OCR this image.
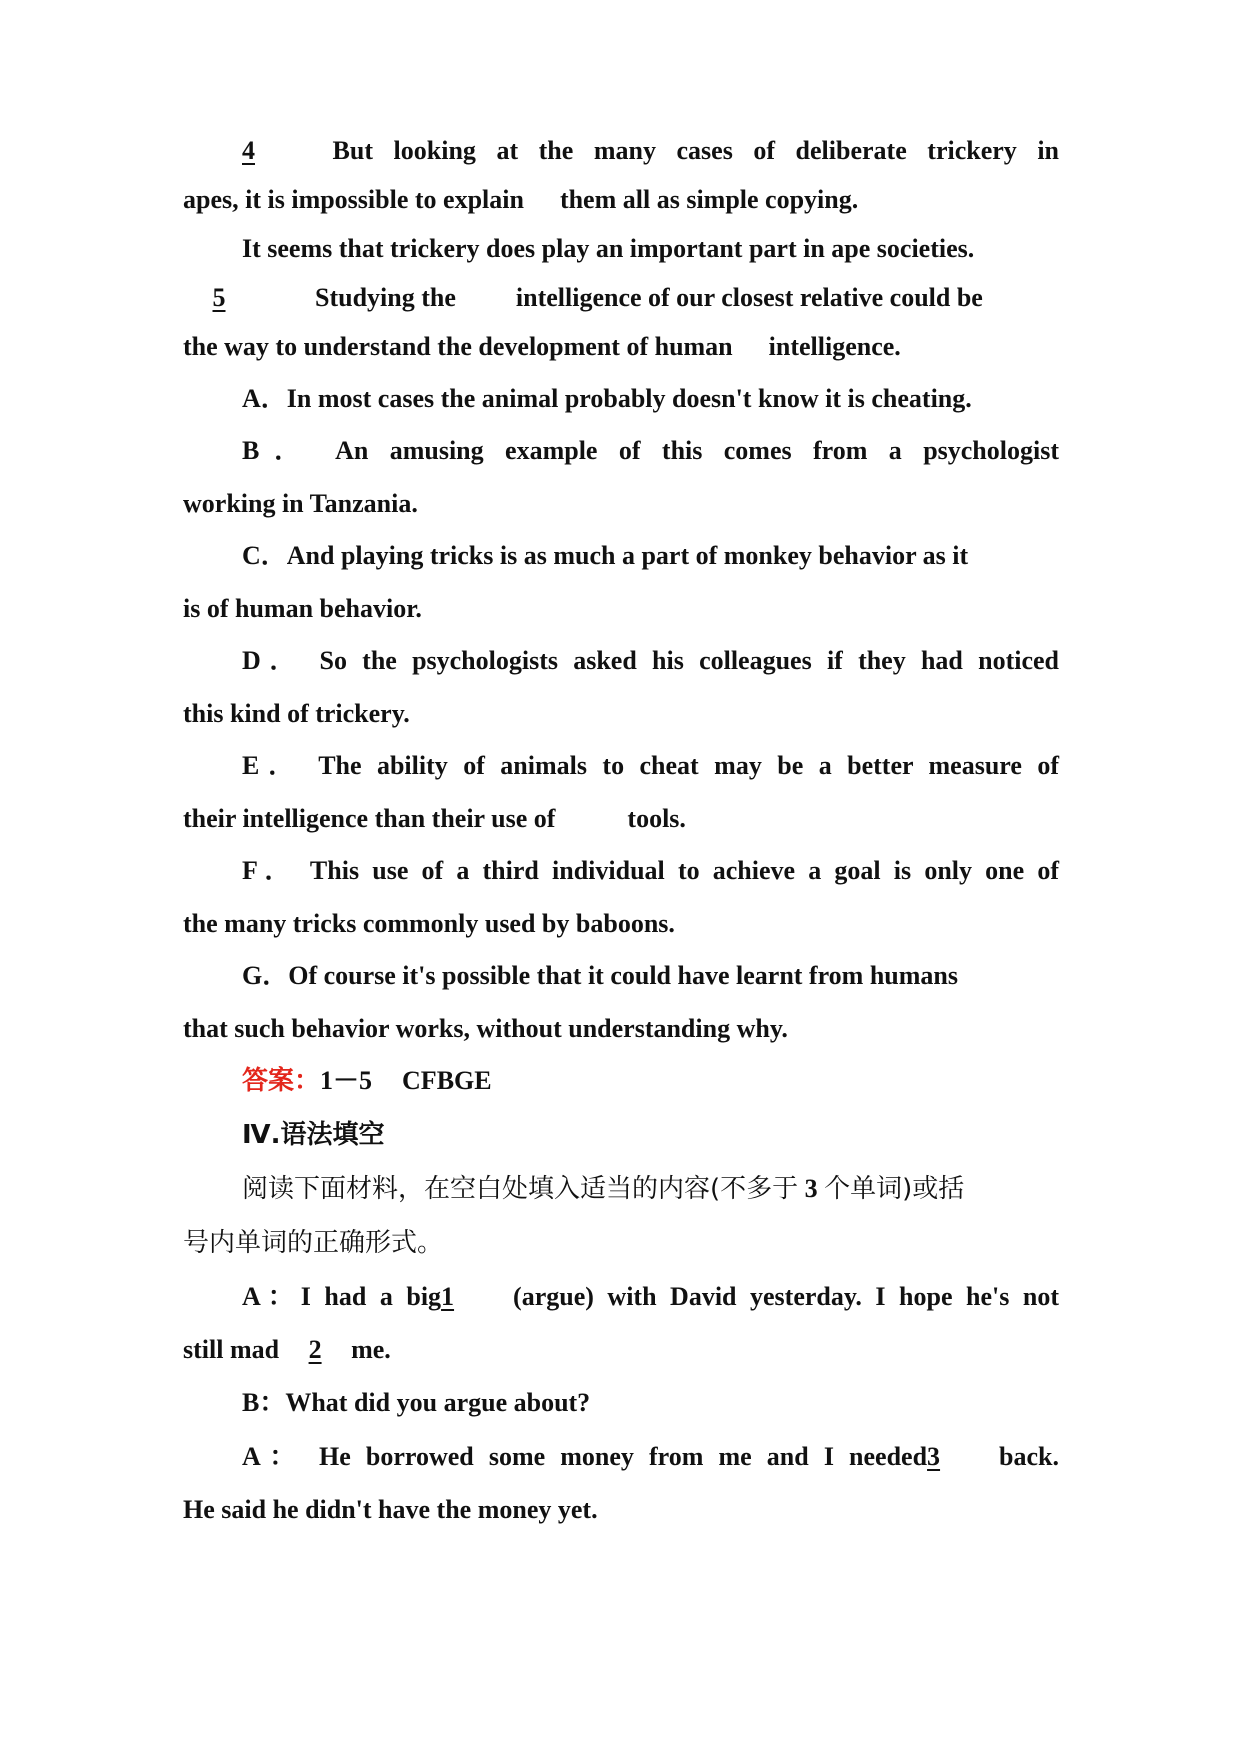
4	But looking at the many cases of deliberate trickery in
apes, it is impossible to explain them all as simple copying.
It seems that trickery does play an important part in ape societies.
5	Studying the intelligence of our closest relative could be
the way to understand the development of human intelligence.
A．In most cases the animal probably doesn't know it is cheating.
B． An amusing example of this comes from a psychologist
working in Tanzania.
C．And playing tricks is as much a part of monkey behavior as it
is of human behavior.
D． So the psychologists asked his colleagues if they had noticed
this kind of trickery.
E． The ability of animals to cheat may be a better measure of
their intelligence than their use of	tools.
F． This use of a third individual to achieve a goal is only one of
the many tricks commonly used by baboons.
G．Of course it's possible that it could have learnt from humans
that such behavior works, without understanding why.
答案：1－5 CFBGE
Ⅳ.语法填空
阅读下面材料，在空白处填入适当的内容(不多于 3 个单词)或括
号内单词的正确形式。
A：I had a big1 (argue) with David yesterday. I hope he's not
still mad 2 me.
B：What did you argue about?
A： He borrowed some money from me and I needed3 back.
He said he didn't have the money yet.
